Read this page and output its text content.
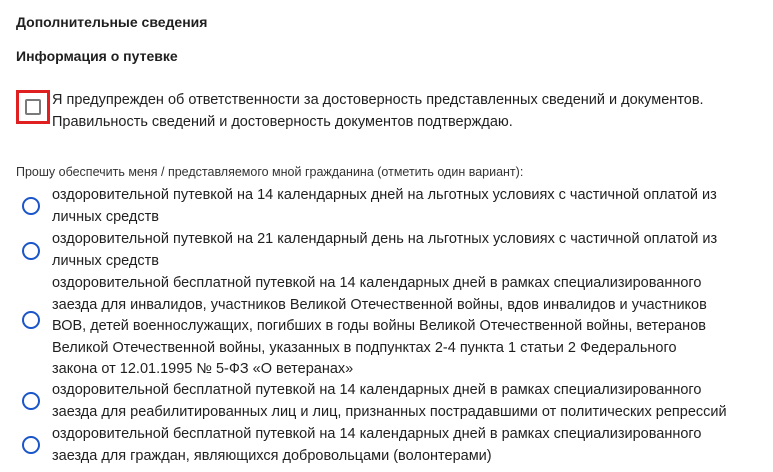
Дополнительные сведения
Информация о путевке
Я предупрежден об ответственности за достоверность представленных сведений и документов.
Правильность сведений и достоверность документов подтверждаю.
Прошу обеспечить меня / представляемого мной гражданина (отметить один вариант):
оздоровительной путевкой на 14 календарных дней на льготных условиях с частичной оплатой из
личных средств
оздоровительной путевкой на 21 календарный день на льготных условиях с частичной оплатой из
личных средств
оздоровительной бесплатной путевкой на 14 календарных дней в рамках специализированного
заезда для инвалидов, участников Великой Отечественной войны, вдов инвалидов и участников
ВОВ, детей военнослужащих, погибших в годы войны Великой Отечественной войны, ветеранов
Великой Отечественной войны, указанных в подпунктах 2-4 пункта 1 статьи 2 Федерального
закона от 12.01.1995 № 5-ФЗ «О ветеранах»
оздоровительной бесплатной путевкой на 14 календарных дней в рамках специализированного
заезда для реабилитированных лиц и лиц, признанных пострадавшими от политических репрессий
оздоровительной бесплатной путевкой на 14 календарных дней в рамках специализированного
заезда для граждан, являющихся добровольцами (волонтерами)
